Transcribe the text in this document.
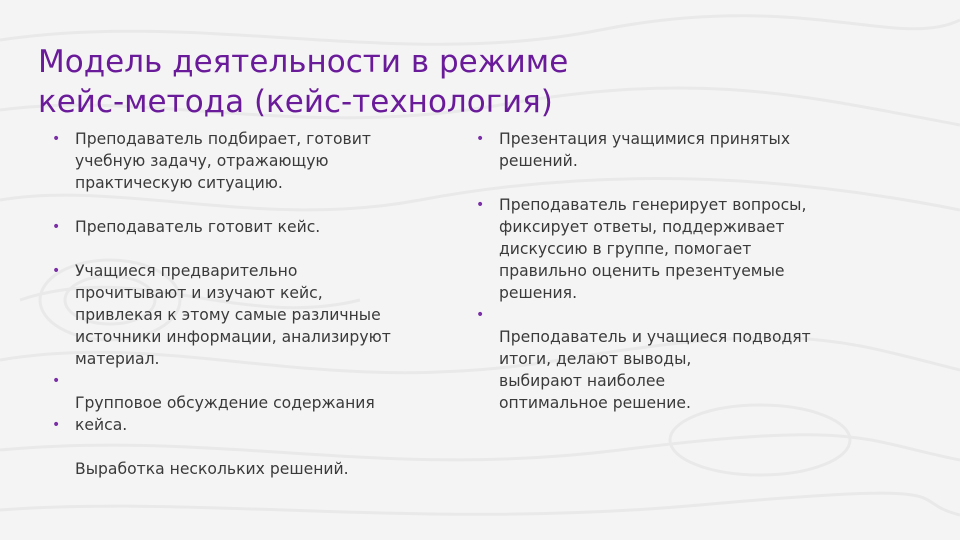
Модель деятельности в режиме
кейс-метода (кейс-технология)
• Преподаватель подбирает, готовит
учебную задачу, отражающую
практическую ситуацию.
• Преподаватель готовит кейс.
• Учащиеся предварительно
прочитывают и изучают кейс,
привлекая к этому самые различные
источники информации, анализируют
материал.
•

Групповое обсуждение содержания

• кейса.
Выработка нескольких решений.
• Презентация учащимися принятых
решений.
• Преподаватель генерирует вопросы,
фиксирует ответы, поддерживает
дискуссию в группе, помогает
правильно оценить презентуемые
решения.
•

Преподаватель и учащиеся подводят
итоги, делают выводы,
выбирают наиболее
оптимальное решение.
